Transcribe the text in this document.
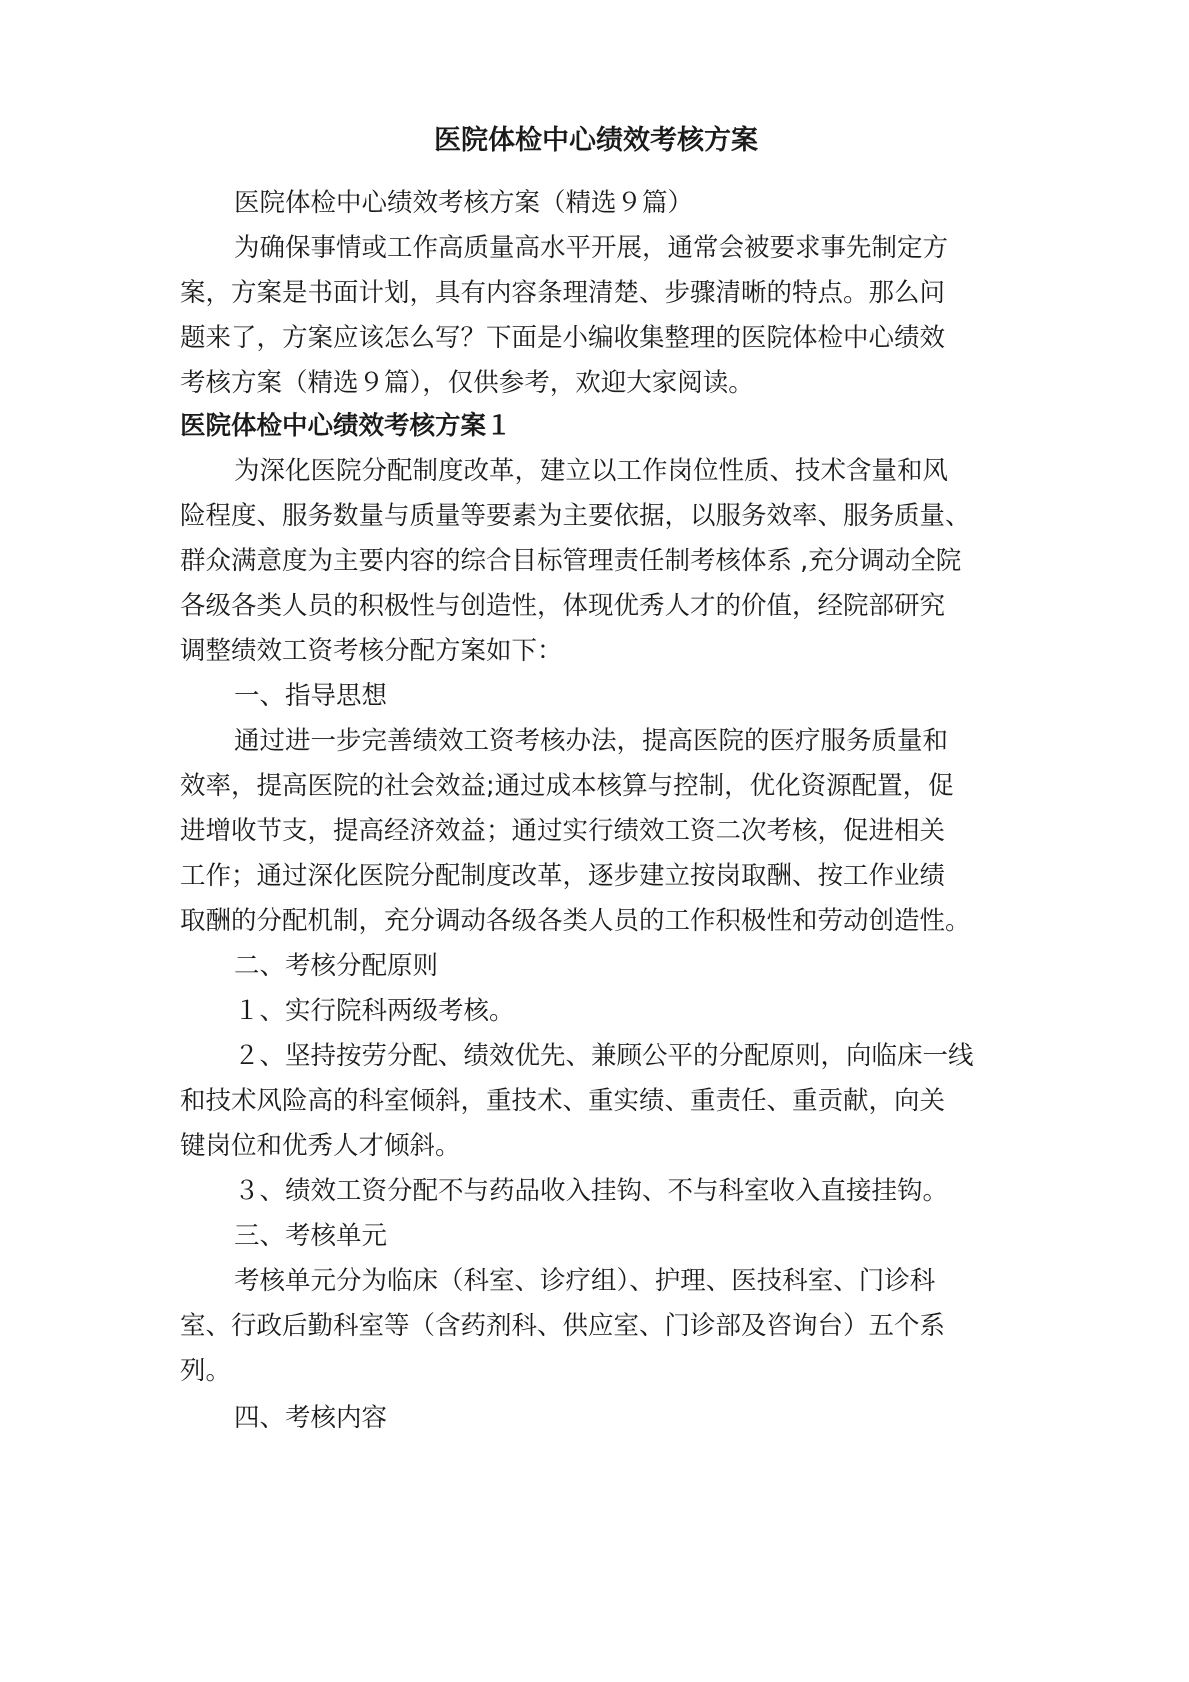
医院体检中心绩效考核方案
医院体检中心绩效考核方案（精选９篇）
为确保事情或工作高质量高水平开展，通常会被要求事先制定方
案，方案是书面计划，具有内容条理清楚、步骤清晰的特点。那么问
题来了，方案应该怎么写？下面是小编收集整理的医院体检中心绩效
考核方案（精选９篇），仅供参考，欢迎大家阅读。
医院体检中心绩效考核方案１
为深化医院分配制度改革，建立以工作岗位性质、技术含量和风
险程度、服务数量与质量等要素为主要依据，以服务效率、服务质量、
群众满意度为主要内容的综合目标管理责任制考核体系 ,充分调动全院
各级各类人员的积极性与创造性，体现优秀人才的价值，经院部研究
调整绩效工资考核分配方案如下：
一、指导思想
通过进一步完善绩效工资考核办法，提高医院的医疗服务质量和
效率，提高医院的社会效益;通过成本核算与控制，优化资源配置，促
进增收节支，提高经济效益；通过实行绩效工资二次考核，促进相关
工作；通过深化医院分配制度改革，逐步建立按岗取酬、按工作业绩
取酬的分配机制，充分调动各级各类人员的工作积极性和劳动创造性。
二、考核分配原则
１、实行院科两级考核。
２、坚持按劳分配、绩效优先、兼顾公平的分配原则，向临床一线
和技术风险高的科室倾斜，重技术、重实绩、重责任、重贡献，向关
键岗位和优秀人才倾斜。
３、绩效工资分配不与药品收入挂钩、不与科室收入直接挂钩。
三、考核单元
考核单元分为临床（科室、诊疗组）、护理、医技科室、门诊科
室、行政后勤科室等（含药剂科、供应室、门诊部及咨询台）五个系
列。
四、考核内容
